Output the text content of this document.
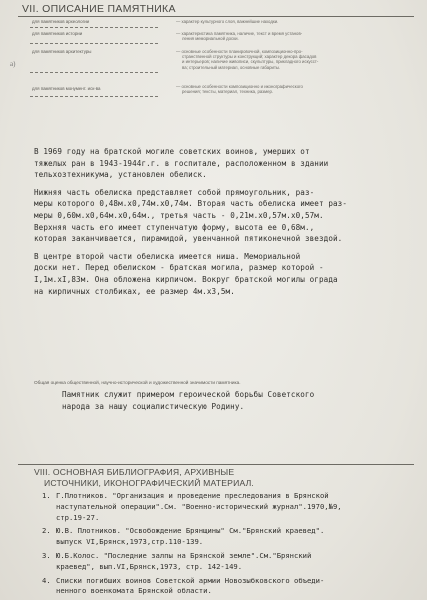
VII. ОПИСАНИЕ ПАМЯТНИКА
для памятников археологии	— характер культурного слоя, важнейшие находки.
для памятников истории	— характеристика памятника, наличие, текст и время установ-
ления мемориальной доски.
для памятников архитектуры	— основные особенности планировочной, композиционно-про-
странственной структуры и конструкций; характер декора фасадов
и интерьеров; наличие живописи, скульптуры, прикладного искусст-
ва; строительный материал, основные габариты.
а)
для памятников монумент. иск-ва	— основные особенности композиционно и иконографического
решения; тексты, материал, техника, размер.

В 1969 году на братской могиле советских воинов, умерших от

тяжелых ран в 1943-1944г.г. в госпитале, расположенном в здании

тельхозтехникума, установлен обелиск.

Нижняя часть обелиска представляет собой прямоугольник, раз-

меры которого 0,48м.х0,74м.х0,74м. Вторая часть обелиска имеет раз-

меры 0,60м.х0,64м.х0,64м., третья часть - 0,21м.х0,57м.х0,57м.

Верхняя часть его имеет ступенчатую форму, высота ее 0,68м.,

которая заканчивается, пирамидой, увенчанной пятиконечной звездой.

В центре второй части обелиска имеется ниша. Мемориальной

доски нет. Перед обелиском - братская могила, размер которой -

I,1м.хI,83м. Она обложена кирпичом. Вокруг братской могилы ограда

на кирпичных столбиках, ее размер 4м.х3,5м.

Общая оценка общественной, научно-исторической и художественной значимости памятника.

Памятник служит примером героической борьбы Советского

народа за нашу социалистическую Родину.

VIII. ОСНОВНАЯ БИБЛИОГРАФИЯ, АРХИВНЫЕ
ИСТОЧНИКИ, ИКОНОГРАФИЧЕСКИЙ МАТЕРИАЛ.
1. Г.Плотников. "Организация и проведение преследования в Брянской
наступательной операции".См. "Военно-исторический журнал".1970,№9,
стр.19-27.
2. Ю.В. Плотников. "Освобождение Брянщины" См."Брянский краевед".
выпуск VI,Брянск,1973,стр.110-139.
3. Ю.Б.Колос. "Последние залпы на Брянской земле".См."Брянский
краевед", вып.VI,Брянск,1973, стр. 142-149.
4. Списки погибших воинов Советской армии Новозыбковского объеди-
ненного военкомата Брянской области.
